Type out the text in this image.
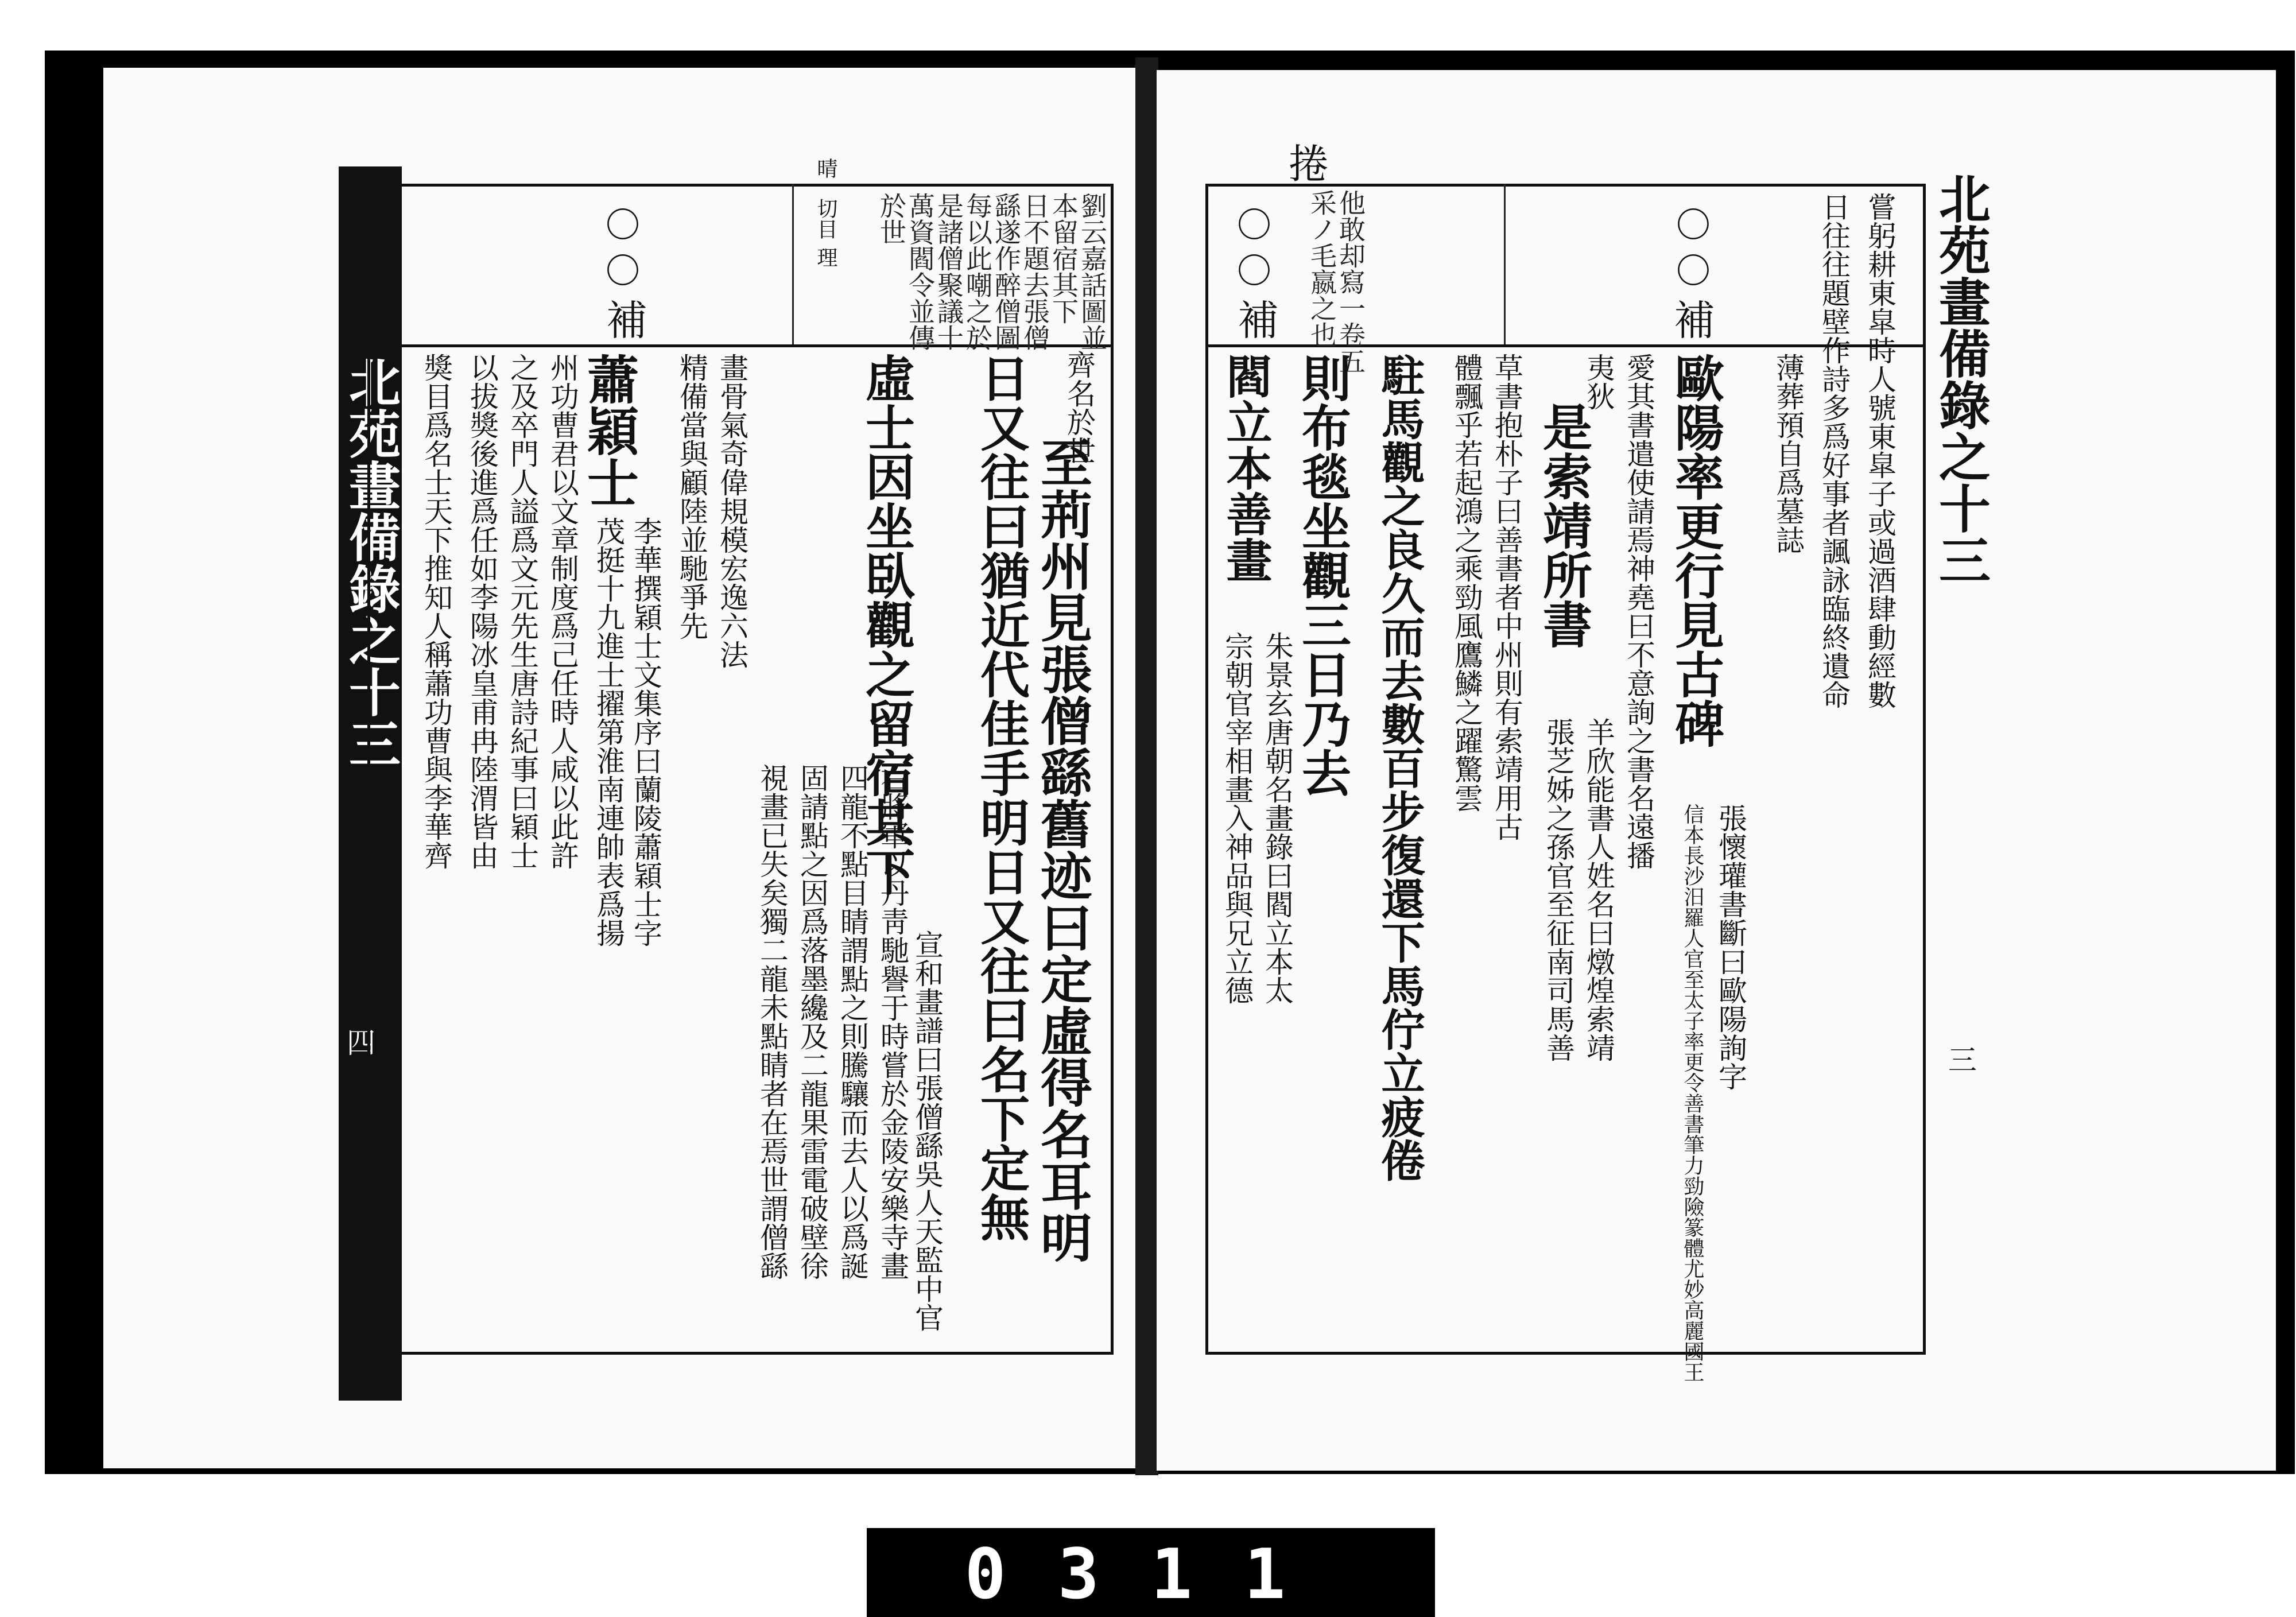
北苑畫備錄之十三
四
〇
〇
補	劉云嘉話圖並
本留宿其下
日不題去張僧
繇遂作醉僧圖
每以此嘲之於
是諸僧聚議十
萬資閻令並傳
於世
晴
切目
理
齊名於世
至荊州見張僧繇舊迹曰定虛得名耳明
日又往曰猶近代佳手明日又往曰名下定無
虛士因坐臥觀之留宿其下
宣和畫譜曰張僧繇吳人天監中官
右將軍以丹靑馳譽于時嘗於金陵安樂寺畫
四龍不點目睛謂點之則騰驤而去人以爲誕
固請點之因爲落墨纔及二龍果雷電破壁徐
視畫已失矣獨二龍未點睛者在焉世謂僧繇
畫骨氣奇偉規模宏逸六法
精備當與顧陸並馳爭先
蕭穎士
李華撰穎士文集序曰蘭陵蕭穎士字
茂挺十九進士擢第淮南連帥表爲揚
州功曹君以文章制度爲己任時人咸以此許
之及卒門人謚爲文元先生唐詩紀事曰穎士
以拔獎後進爲任如李陽冰皇甫冉陸渭皆由
獎目爲名士天下推知人稱蕭功曹與李華齊
捲
他敢却寫一卷五
采ノ毛嬴之也
〇
〇
補
〇
〇
補	北苑畫備錄之十三
三
嘗躬耕東皐時人號東皐子或過酒肆動經數
日往往題壁作詩多爲好事者諷詠臨終遺命
薄葬預自爲墓誌
歐陽率更行見古碑
張懷瓘書斷曰歐陽詢字
信本長沙汨羅人官至太子率更令善書筆力勁險篆體尤妙高麗國王
愛其書遣使請焉神堯曰不意詢之書名遠播
夷狄
是索靖所書
羊欣能書人姓名曰燉煌索靖
張芝姊之孫官至征南司馬善
草書抱朴子曰善書者中州則有索靖用古
體飄乎若起鴻之乘勁風鷹鱗之躍驚雲
駐馬觀之良久而去數百步復還下馬佇立疲倦
則布毯坐觀三日乃去
閻立本善畫
朱景玄唐朝名畫錄曰閻立本太
宗朝官宰相畫入神品與兄立德
0311
